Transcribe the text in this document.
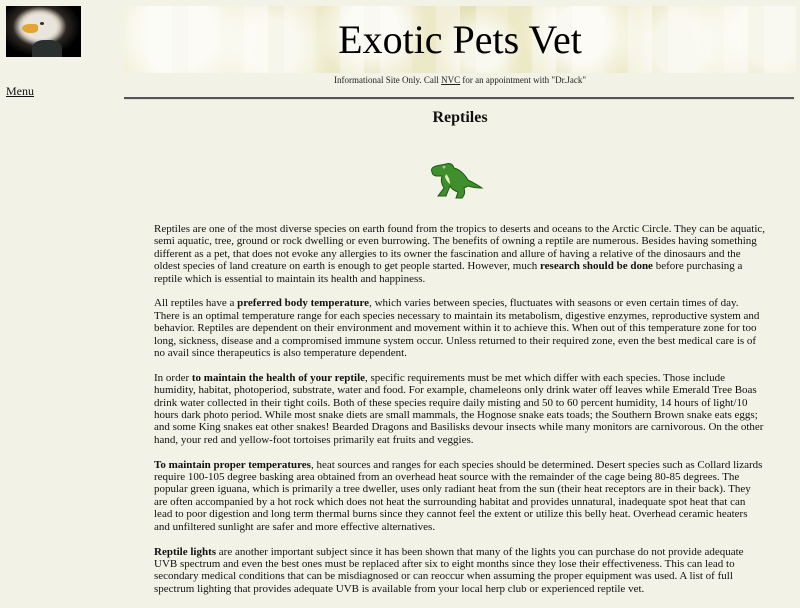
Menu
Exotic Pets Vet
Informational Site Only. Call NVC for an appointment with "Dr.Jack"
Reptiles

Reptiles are one of the most diverse species on earth found from the tropics to deserts and oceans to the Arctic Circle. They can be aquatic, semi aquatic, tree, ground or rock dwelling or even burrowing. The benefits of owning a reptile are numerous. Besides having something different as a pet, that does not evoke any allergies to its owner the fascination and allure of having a relative of the dinosaurs and the oldest species of land creature on earth is enough to get people started. However, much research should be done before purchasing a reptile which is essential to maintain its health and happiness.

All reptiles have a preferred body temperature, which varies between species, fluctuates with seasons or even certain times of day. There is an optimal temperature range for each species necessary to maintain its metabolism, digestive enzymes, reproductive system and behavior. Reptiles are dependent on their environment and movement within it to achieve this. When out of this temperature zone for too long, sickness, disease and a compromised immune system occur. Unless returned to their required zone, even the best medical care is of no avail since therapeutics is also temperature dependent.

In order to maintain the health of your reptile, specific requirements must be met which differ with each species. Those include humidity, habitat, photoperiod, substrate, water and food. For example, chameleons only drink water off leaves while Emerald Tree Boas drink water collected in their tight coils. Both of these species require daily misting and 50 to 60 percent humidity, 14 hours of light/10 hours dark photo period. While most snake diets are small mammals, the Hognose snake eats toads; the Southern Brown snake eats eggs; and some King snakes eat other snakes! Bearded Dragons and Basilisks devour insects while many monitors are carnivorous. On the other hand, your red and yellow-foot tortoises primarily eat fruits and veggies.

To maintain proper temperatures, heat sources and ranges for each species should be determined. Desert species such as Collard lizards require 100-105 degree basking area obtained from an overhead heat source with the remainder of the cage being 80-85 degrees. The popular green iguana, which is primarily a tree dweller, uses only radiant heat from the sun (their heat receptors are in their back). They are often accompanied by a hot rock which does not heat the surrounding habitat and provides unnatural, inadequate spot heat that can lead to poor digestion and long term thermal burns since they cannot feel the extent or utilize this belly heat. Overhead ceramic heaters and unfiltered sunlight are safer and more effective alternatives.

Reptile lights are another important subject since it has been shown that many of the lights you can purchase do not provide adequate UVB spectrum and even the best ones must be replaced after six to eight months since they lose their effectiveness. This can lead to secondary medical conditions that can be misdiagnosed or can reoccur when assuming the proper equipment was used. A list of full spectrum lighting that provides adequate UVB is available from your local herp club or experienced reptile vet.
